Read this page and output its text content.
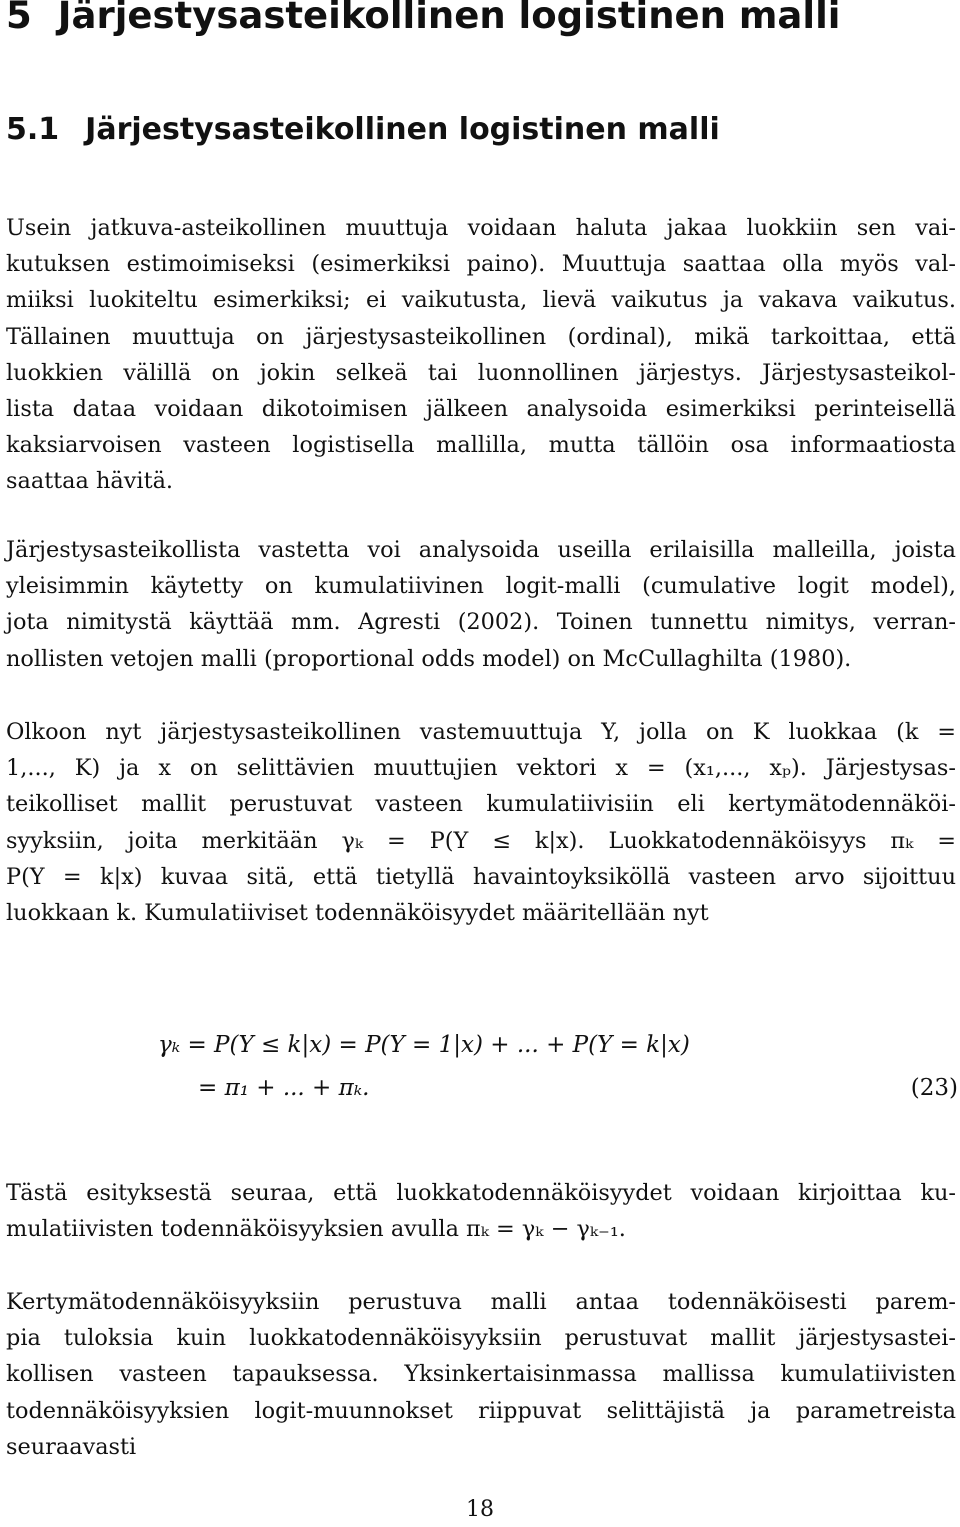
5 Järjestysasteikollinen logistinen malli
5.1 Järjestysasteikollinen logistinen malli
Usein jatkuva-asteikollinen muuttuja voidaan haluta jakaa luokkiin sen vai-
kutuksen estimoimiseksi (esimerkiksi paino). Muuttuja saattaa olla myös val-
miiksi luokiteltu esimerkiksi; ei vaikutusta, lievä vaikutus ja vakava vaikutus.
Tällainen muuttuja on järjestysasteikollinen (ordinal), mikä tarkoittaa, että
luokkien välillä on jokin selkeä tai luonnollinen järjestys. Järjestysasteikol-
lista dataa voidaan dikotoimisen jälkeen analysoida esimerkiksi perinteisellä
kaksiarvoisen vasteen logistisella mallilla, mutta tällöin osa informaatiosta
saattaa hävitä.
Järjestysasteikollista vastetta voi analysoida useilla erilaisilla malleilla, joista
yleisimmin käytetty on kumulatiivinen logit-malli (cumulative logit model),
jota nimitystä käyttää mm. Agresti (2002). Toinen tunnettu nimitys, verran-
nollisten vetojen malli (proportional odds model) on McCullaghilta (1980).
Olkoon nyt järjestysasteikollinen vastemuuttuja Y, jolla on K luokkaa (k =
1,..., K) ja x on selittävien muuttujien vektori x = (x₁,..., xₚ). Järjestysas-
teikolliset mallit perustuvat vasteen kumulatiivisiin eli kertymätodennäköi-
syyksiin, joita merkitään γₖ = P(Y ≤ k|x). Luokkatodennäköisyys πₖ =
P(Y = k|x) kuvaa sitä, että tietyllä havaintoyksiköllä vasteen arvo sijoittuu
luokkaan k. Kumulatiiviset todennäköisyydet määritellään nyt
γₖ = P(Y ≤ k|x) = P(Y = 1|x) + ... + P(Y = k|x)
= π₁ + ... + πₖ.	(23)
Tästä esityksestä seuraa, että luokkatodennäköisyydet voidaan kirjoittaa ku-
mulatiivisten todennäköisyyksien avulla πₖ = γₖ − γₖ₋₁.
Kertymätodennäköisyyksiin perustuva malli antaa todennäköisesti parem-
pia tuloksia kuin luokkatodennäköisyyksiin perustuvat mallit järjestysastei-
kollisen vasteen tapauksessa. Yksinkertaisinmassa mallissa kumulatiivisten
todennäköisyyksien logit-muunnokset riippuvat selittäjistä ja parametreista
seuraavasti
18
